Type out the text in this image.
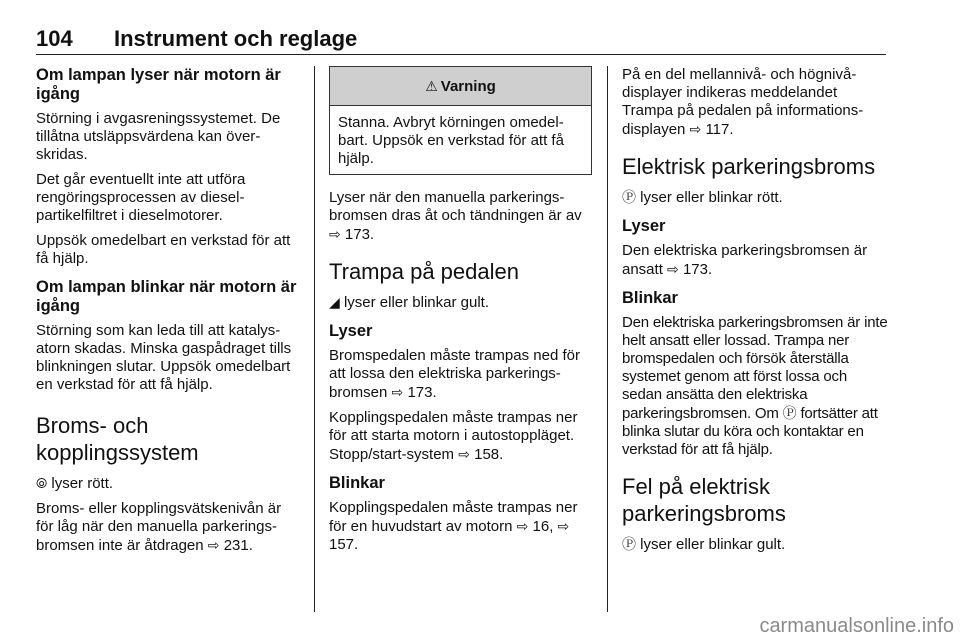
104 Instrument och reglage
Om lampan lyser när motorn är igång

Störning i avgasreningssystemet. De tillåtna utsläppsvärdena kan överskridas.

Det går eventuellt inte att utföra rengöringsprocessen av dieselpartikelfiltret i dieselmotorer.

Uppsök omedelbart en verkstad för att få hjälp.

Om lampan blinkar när motorn är igång

Störning som kan leda till att katalysatorn skadas. Minska gaspådraget tills blinkningen slutar. Uppsök omedelbart en verkstad för att få hjälp.

Broms- och kopplingssystem

⦾ lyser rött.

Broms- eller kopplingsvätskenivån är för låg när den manuella parkeringsbromsen inte är åtdragen ⇨ 231.

⚠ Varning

Stanna. Avbryt körningen omedelbart. Uppsök en verkstad för att få hjälp.

Lyser när den manuella parkeringsbromsen dras åt och tändningen är av ⇨ 173.

Trampa på pedalen

◢ lyser eller blinkar gult.

Lyser

Bromspedalen måste trampas ned för att lossa den elektriska parkeringsbromsen ⇨ 173.

Kopplingspedalen måste trampas ner för att starta motorn i autostoppläget. Stopp/start-system ⇨ 158.

Blinkar

Kopplingspedalen måste trampas ner för en huvudstart av motorn ⇨ 16, ⇨ 157.

På en del mellannivå- och högnivådisplayer indikeras meddelandet Trampa på pedalen på informationsdisplayen ⇨ 117.

Elektrisk parkeringsbroms

Ⓟ lyser eller blinkar rött.

Lyser

Den elektriska parkeringsbromsen är ansatt ⇨ 173.

Blinkar

Den elektriska parkeringsbromsen är inte helt ansatt eller lossad. Trampa ner bromspedalen och försök återställa systemet genom att först lossa och sedan ansätta den elektriska parkeringsbromsen. Om Ⓟ fortsätter att blinka slutar du köra och kontaktar en verkstad för att få hjälp.

Fel på elektrisk parkeringsbroms

Ⓟ lyser eller blinkar gult.

carmanualsonline.info
